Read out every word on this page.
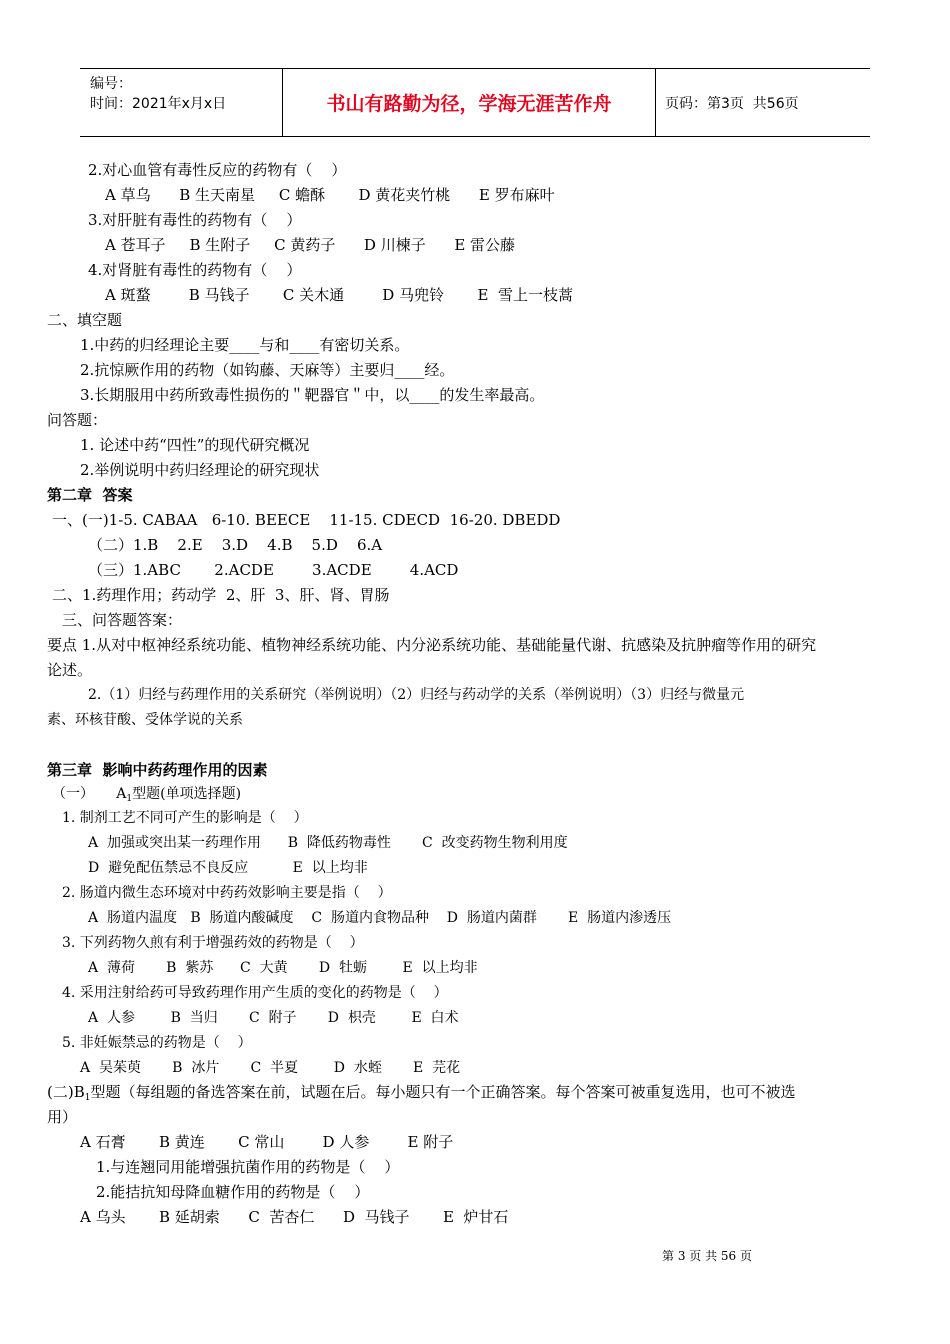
编号：
时间：2021年x月x日	书山有路勤为径，学海无涯苦作舟	页码：第3页  共56页
2.对心血管有毒性反应的药物有（    ）
A 草乌      B 生天南星     C 蟾酥       D 黄花夹竹桃      E 罗布麻叶
3.对肝脏有毒性的药物有（    ）
A 苍耳子     B 生附子     C 黄药子      D 川楝子      E 雷公藤
4.对肾脏有毒性的药物有（    ）
A 斑蝥        B 马钱子       C 关木通        D 马兜铃       E  雪上一枝蒿
二、填空题
1.中药的归经理论主要____与和____有密切关系。
2.抗惊厥作用的药物（如钩藤、天麻等）主要归____经。
3.长期服用中药所致毒性损伤的＂靶器官＂中，以____的发生率最高。
问答题：
1. 论述中药“四性”的现代研究概况
2.举例说明中药归经理论的研究现状
第二章  答案
一、(一)1-5. CABAA   6-10. BEECE    11-15. CDECD  16-20. DBEDD
（二）1.B    2.E    3.D    4.B    5.D    6.A
（三）1.ABC       2.ACDE        3.ACDE        4.ACD
二、1.药理作用；药动学  2、肝  3、肝、肾、胃肠
三、问答题答案：
要点 1.从对中枢神经系统功能、植物神经系统功能、内分泌系统功能、基础能量代谢、抗感染及抗肿瘤等作用的研究
论述。
2.（1）归经与药理作用的关系研究（举例说明）（2）归经与药动学的关系（举例说明）（3）归经与微量元
素、环核苷酸、受体学说的关系
第三章  影响中药药理作用的因素
（一）     $A_1$型题(单项选择题)
1. 制剂工艺不同可产生的影响是（    ）
A  加强或突出某一药理作用      B  降低药物毒性       C  改变药物生物利用度
D  避免配伍禁忌不良反应          E  以上均非
2. 肠道内微生态环境对中药药效影响主要是指（    ）
A  肠道内温度   B  肠道内酸碱度    C  肠道内食物品种    D  肠道内菌群       E  肠道内渗透压
3. 下列药物久煎有利于增强药效的药物是（    ）
A  薄荷       B  紫苏      C  大黄       D  牡蛎        E  以上均非
4. 采用注射给药可导致药理作用产生质的变化的药物是（    ）
A  人参        B  当归       C  附子       D  枳壳        E  白术
5. 非妊娠禁忌的药物是（    ）
A  吴茱萸       B  冰片       C  半夏        D  水蛭       E  芫花
(二)$B_1$型题（每组题的备选答案在前，试题在后。每小题只有一个正确答案。每个答案可被重复选用，也可不被选
用）
A 石膏       B 黄连       C 常山        D 人参        E 附子
1.与连翘同用能增强抗菌作用的药物是（    ）
2.能拮抗知母降血糖作用的药物是（    ）
A 乌头       B 延胡索      C  苦杏仁      D  马钱子       E  炉甘石
第 3 页 共 56 页
